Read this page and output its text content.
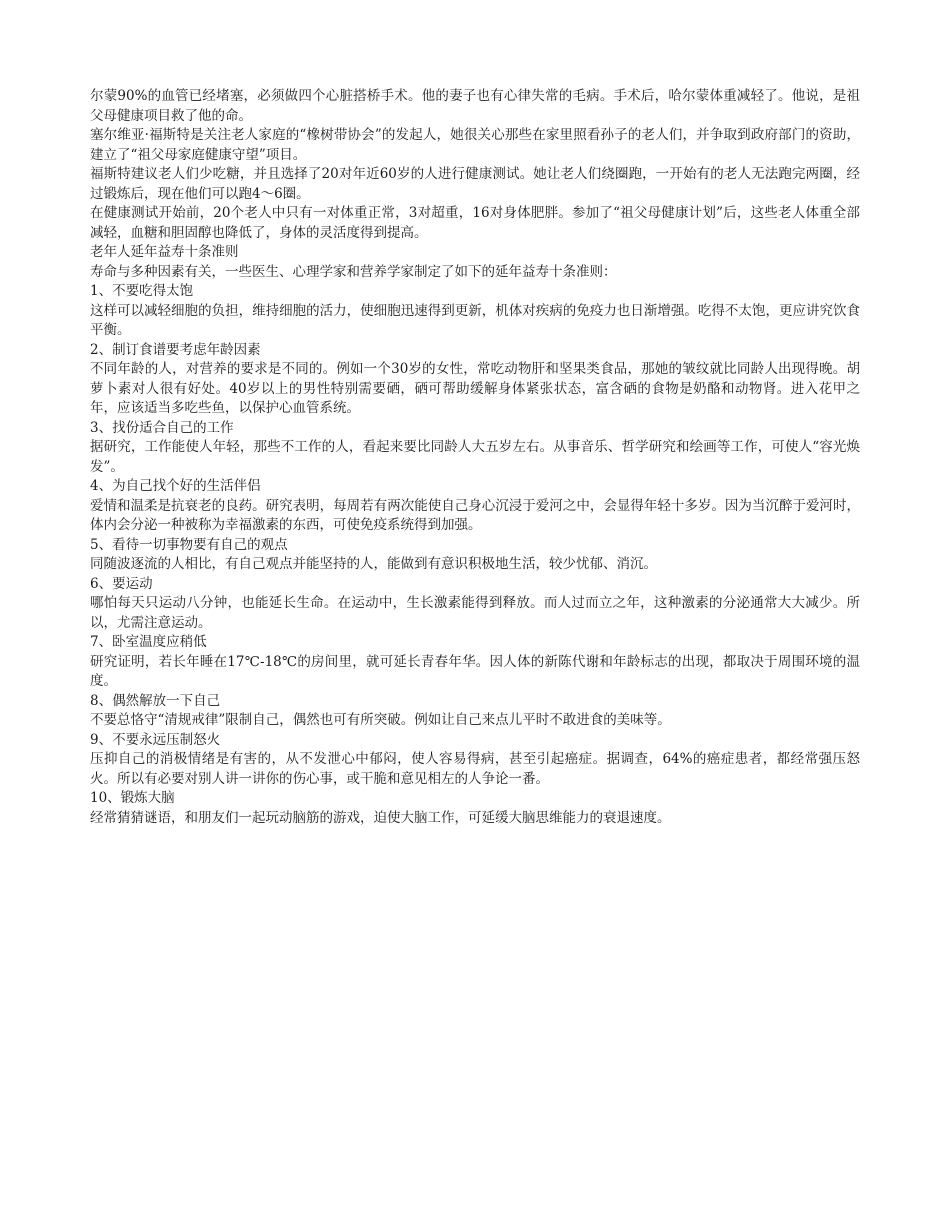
尔蒙90%的血管已经堵塞，必须做四个心脏搭桥手术。他的妻子也有心律失常的毛病。手术后，哈尔蒙体重减轻了。他说，是祖父母健康项目救了他的命。

塞尔维亚·福斯特是关注老人家庭的“橡树带协会”的发起人，她很关心那些在家里照看孙子的老人们，并争取到政府部门的资助，建立了“祖父母家庭健康守望”项目。

福斯特建议老人们少吃糖，并且选择了20对年近60岁的人进行健康测试。她让老人们绕圈跑，一开始有的老人无法跑完两圈，经过锻炼后，现在他们可以跑4～6圈。

在健康测试开始前，20个老人中只有一对体重正常，3对超重，16对身体肥胖。参加了“祖父母健康计划”后，这些老人体重全部减轻，血糖和胆固醇也降低了，身体的灵活度得到提高。

老年人延年益寿十条准则

寿命与多种因素有关，一些医生、心理学家和营养学家制定了如下的延年益寿十条准则：

1、不要吃得太饱

这样可以减轻细胞的负担，维持细胞的活力，使细胞迅速得到更新，机体对疾病的免疫力也日渐增强。吃得不太饱，更应讲究饮食平衡。

2、制订食谱要考虑年龄因素

不同年龄的人，对营养的要求是不同的。例如一个30岁的女性，常吃动物肝和坚果类食品，那她的皱纹就比同龄人出现得晚。胡萝卜素对人很有好处。40岁以上的男性特别需要硒，硒可帮助缓解身体紧张状态，富含硒的食物是奶酪和动物肾。进入花甲之年，应该适当多吃些鱼，以保护心血管系统。

3、找份适合自己的工作

据研究，工作能使人年轻，那些不工作的人，看起来要比同龄人大五岁左右。从事音乐、哲学研究和绘画等工作，可使人“容光焕发”。

4、为自己找个好的生活伴侣

爱情和温柔是抗衰老的良药。研究表明，每周若有两次能使自己身心沉浸于爱河之中，会显得年轻十多岁。因为当沉醉于爱河时，体内会分泌一种被称为幸福激素的东西，可使免疫系统得到加强。

5、看待一切事物要有自己的观点

同随波逐流的人相比，有自己观点并能坚持的人，能做到有意识积极地生活，较少忧郁、消沉。

6、要运动

哪怕每天只运动八分钟，也能延长生命。在运动中，生长激素能得到释放。而人过而立之年，这种激素的分泌通常大大减少。所以，尤需注意运动。

7、卧室温度应稍低

研究证明，若长年睡在17℃-18℃的房间里，就可延长青春年华。因人体的新陈代谢和年龄标志的出现，都取决于周围环境的温度。

8、偶然解放一下自己

不要总恪守“清规戒律”限制自己，偶然也可有所突破。例如让自己来点儿平时不敢进食的美味等。

9、不要永远压制怒火

压抑自己的消极情绪是有害的，从不发泄心中郁闷，使人容易得病，甚至引起癌症。据调查，64%的癌症患者，都经常强压怒火。所以有必要对别人讲一讲你的伤心事，或干脆和意见相左的人争论一番。

10、锻炼大脑

经常猜猜谜语，和朋友们一起玩动脑筋的游戏，迫使大脑工作，可延缓大脑思维能力的衰退速度。
